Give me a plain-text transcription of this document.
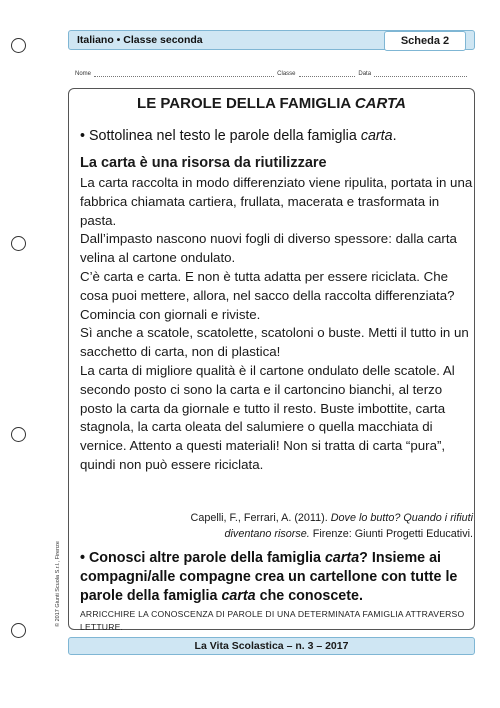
Italiano • Classe seconda	Scheda 2
Nome	Classe	Data
LE PAROLE DELLA FAMIGLIA CARTA
• Sottolinea nel testo le parole della famiglia carta.
La carta è una risorsa da riutilizzare

La carta raccolta in modo differenziato viene ripulita, portata in una fabbrica chiamata cartiera, frullata, macerata e trasformata in pasta.

Dall’impasto nascono nuovi fogli di diverso spessore: dalla carta velina al cartone ondulato.

C’è carta e carta. E non è tutta adatta per essere riciclata. Che cosa puoi mettere, allora, nel sacco della raccolta differenziata?

Comincia con giornali e riviste.

Sì anche a scatole, scatolette, scatoloni o buste. Metti il tutto in un sacchetto di carta, non di plastica!

La carta di migliore qualità è il cartone ondulato delle scatole. Al secondo posto ci sono la carta e il cartoncino bianchi, al terzo posto la carta da giornale e tutto il resto. Buste imbottite, carta stagnola, la carta oleata del salumiere o quella macchiata di vernice. Attento a questi materiali! Non si tratta di carta “pura”, quindi non può essere riciclata.

Capelli, F., Ferrari, A. (2011). Dove lo butto? Quando i rifiuti diventano risorse. Firenze: Giunti Progetti Educativi.
• Conosci altre parole della famiglia carta? Insieme ai compagni/alle compagne crea un cartellone con tutte le parole della famiglia carta che conoscete.
ARRICCHIRE LA CONOSCENZA DI PAROLE DI UNA DETERMINATA FAMIGLIA ATTRAVERSO LETTURE.
© 2017 Giunti Scuola S.r.l., Firenze
La Vita Scolastica – n. 3 – 2017
